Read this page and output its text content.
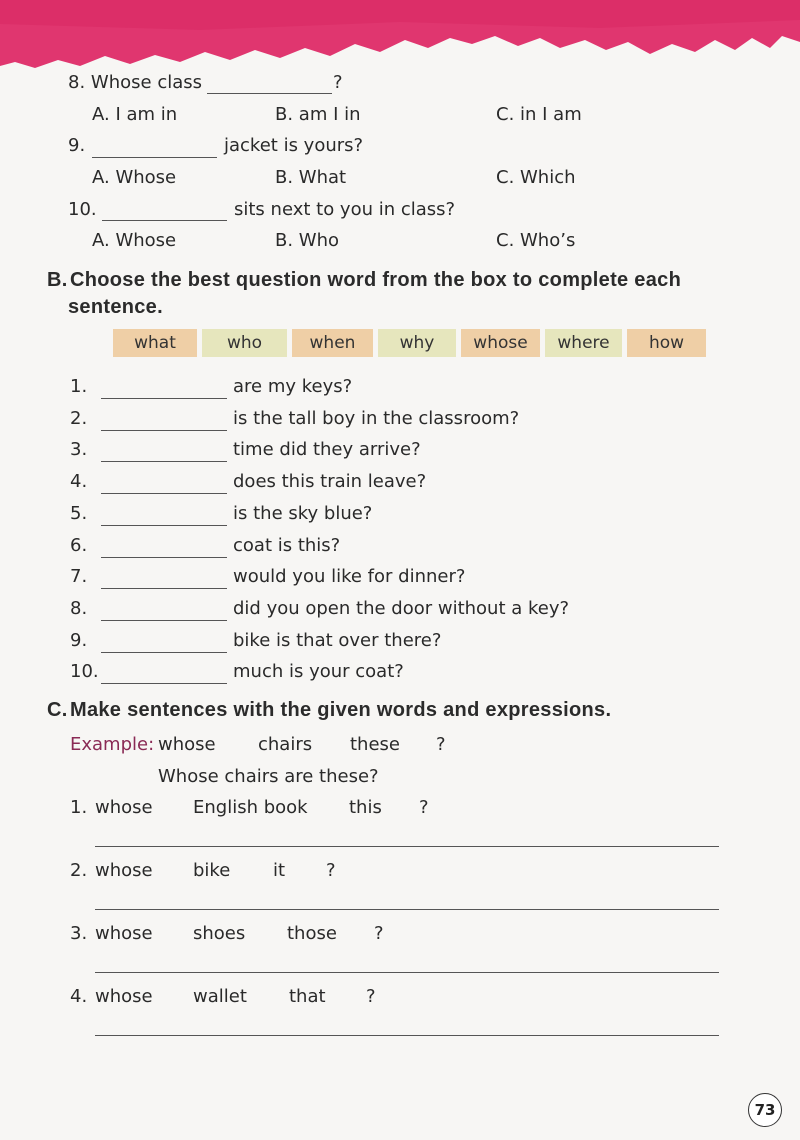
8. Whose class	?
A. I am in	B. am I in	C. in I am
9.	jacket is yours?
A. Whose	B. What	C. Which
10.	sits next to you in class?
A. Whose	B. Who	C. Who’s
B. Choose the best question word from the box to complete each
sentence.
what	who	when	why	whose	where	how
1.	are my keys?
2.	is the tall boy in the classroom?
3.	time did they arrive?
4.	does this train leave?
5.	is the sky blue?
6.	coat is this?
7.	would you like for dinner?
8.	did you open the door without a key?
9.	bike is that over there?
10.	much is your coat?
C. Make sentences with the given words and expressions.
Example: whose chairs these ?
Whose chairs are these?
1. whose English book this ?
2. whose bike it ?
3. whose shoes those ?
4. whose wallet that ?
73
